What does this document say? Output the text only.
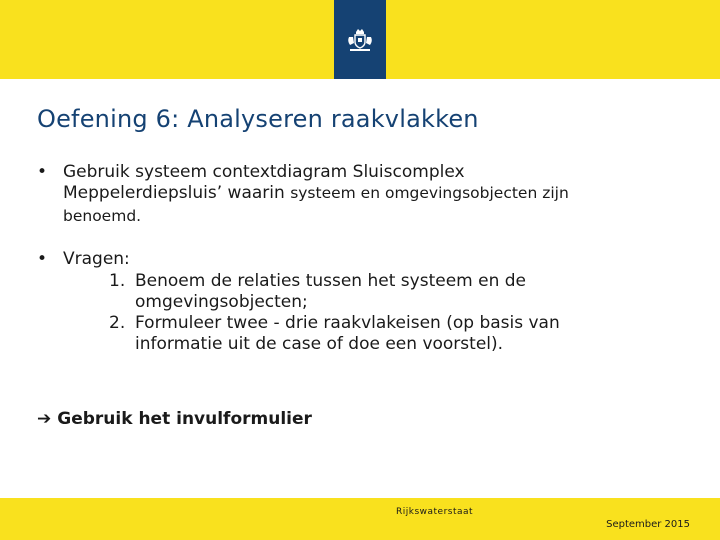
Oefening 6: Analyseren raakvlakken
• Gebruik systeem contextdiagram Sluiscomplex
Meppelerdiepsluis’ waarin systeem en omgevingsobjecten zijn
benoemd.
• Vragen:
1. Benoem de relaties tussen het systeem en de
omgevingsobjecten;
2. Formuleer twee - drie raakvlakeisen (op basis van
informatie uit de case of doe een voorstel).
➔ Gebruik het invulformulier
Rijkswaterstaat
September 2015
